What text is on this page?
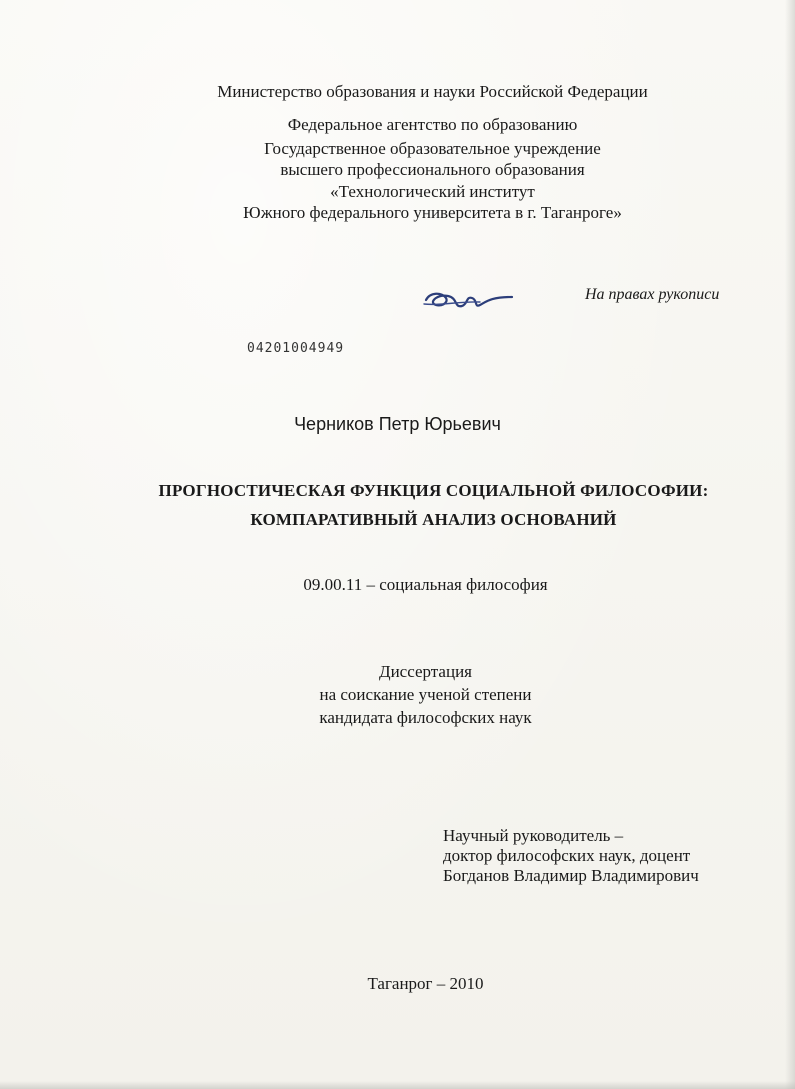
Министерство образования и науки Российской Федерации
Федеральное агентство по образованию
Государственное образовательное учреждение
высшего профессионального образования
«Технологический институт
Южного федерального университета в г. Таганроге»
На правах рукописи
04201004949
Черников Петр Юрьевич
ПРОГНОСТИЧЕСКАЯ ФУНКЦИЯ СОЦИАЛЬНОЙ ФИЛОСОФИИ:
КОМПАРАТИВНЫЙ АНАЛИЗ ОСНОВАНИЙ
09.00.11 – социальная философия
Диссертация
на соискание ученой степени
кандидата философских наук
Научный руководитель –
доктор философских наук, доцент
Богданов Владимир Владимирович
Таганрог – 2010
